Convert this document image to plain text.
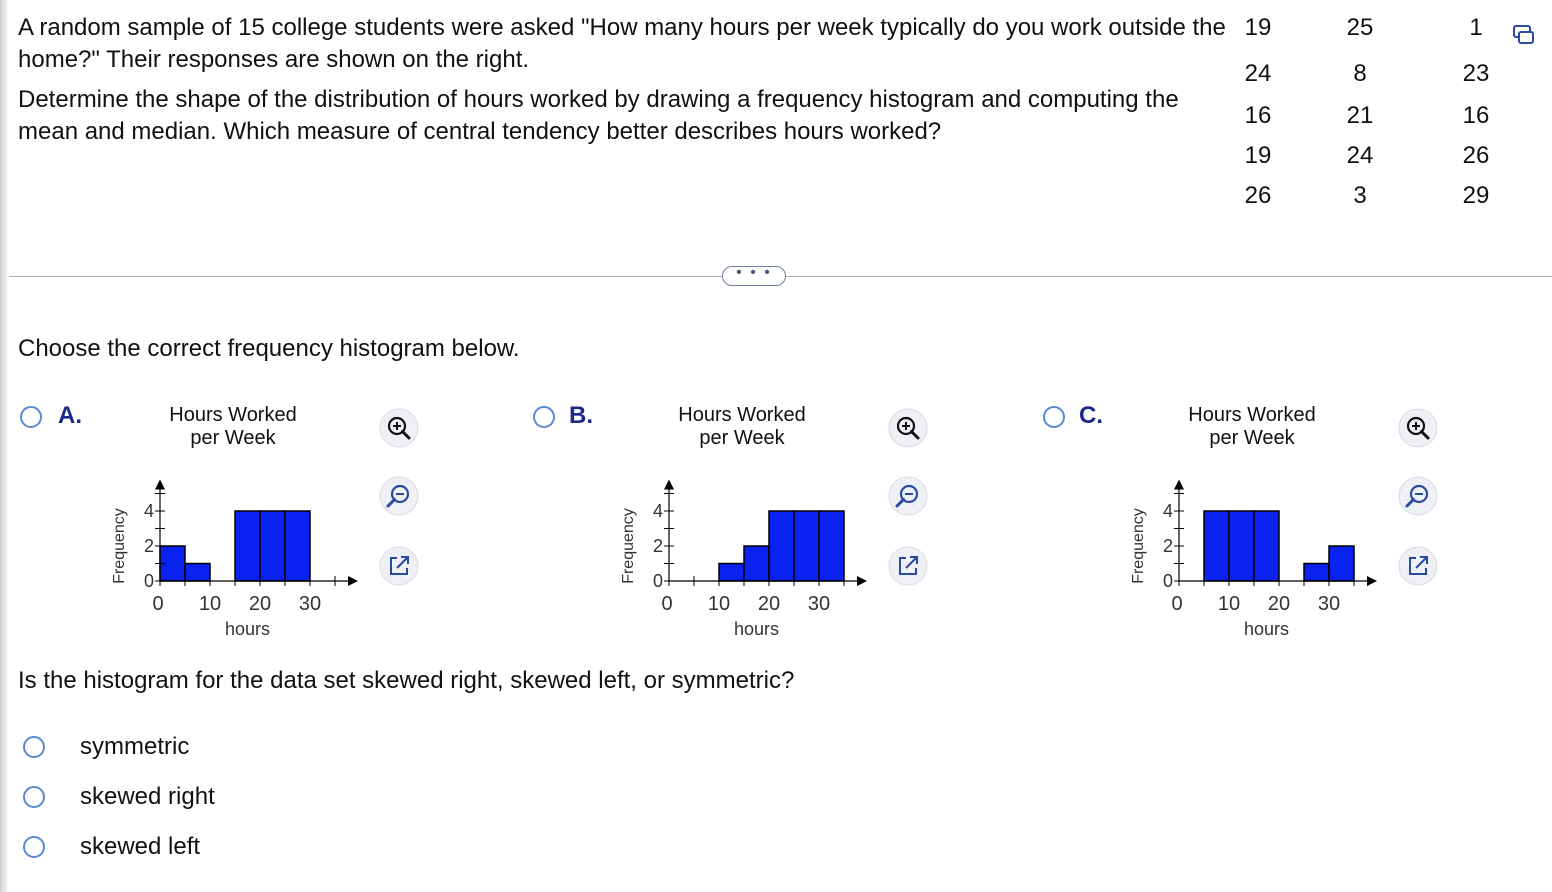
A random sample of 15 college students were asked "How many hours per week typically do you work outside the home?" Their responses are shown on the right.

Determine the shape of the distribution of hours worked by drawing a frequency histogram and computing the mean and median. Which measure of central tendency better describes hours worked?

19	25	1
24	8	23
16	21	16
19	24	26
26	3	29
• • •

Choose the correct frequency histogram below.

A.	Hours Worked
per Week
0
2
4
0 10 20 30
hours
Frequency
B.	Hours Worked
per Week
0
2
4
0 10 20 30
hours
Frequency
C.	Hours Worked
per Week
0
2
4
0 10 20 30
hours
Frequency

Is the histogram for the data set skewed right, skewed left, or symmetric?

symmetric
skewed right
skewed left
